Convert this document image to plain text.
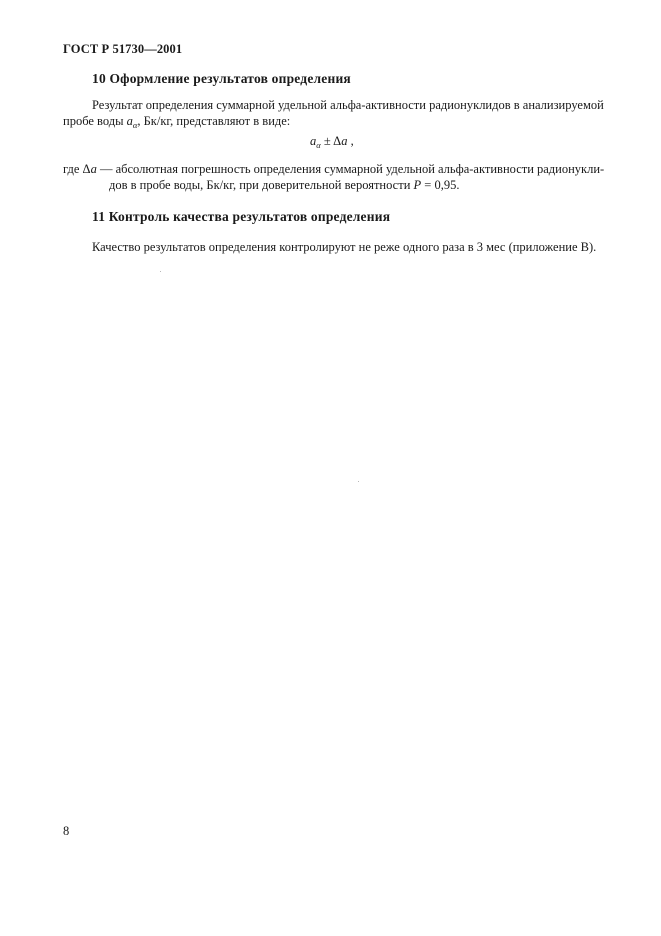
ГОСТ Р 51730—2001
10 Оформление результатов определения
Результат определения суммарной удельной альфа-активности радионуклидов в анализируемой
пробе воды $a_\alpha$, Бк/кг, представляют в виде:
$a_\alpha \pm \Delta a$ ,
где Δa — абсолютная погрешность определения суммарной удельной альфа-активности радионукли-
дов в пробе воды, Бк/кг, при доверительной вероятности P = 0,95.
11 Контроль качества результатов определения
Качество результатов определения контролируют не реже одного раза в 3 мес (приложение В).
8
